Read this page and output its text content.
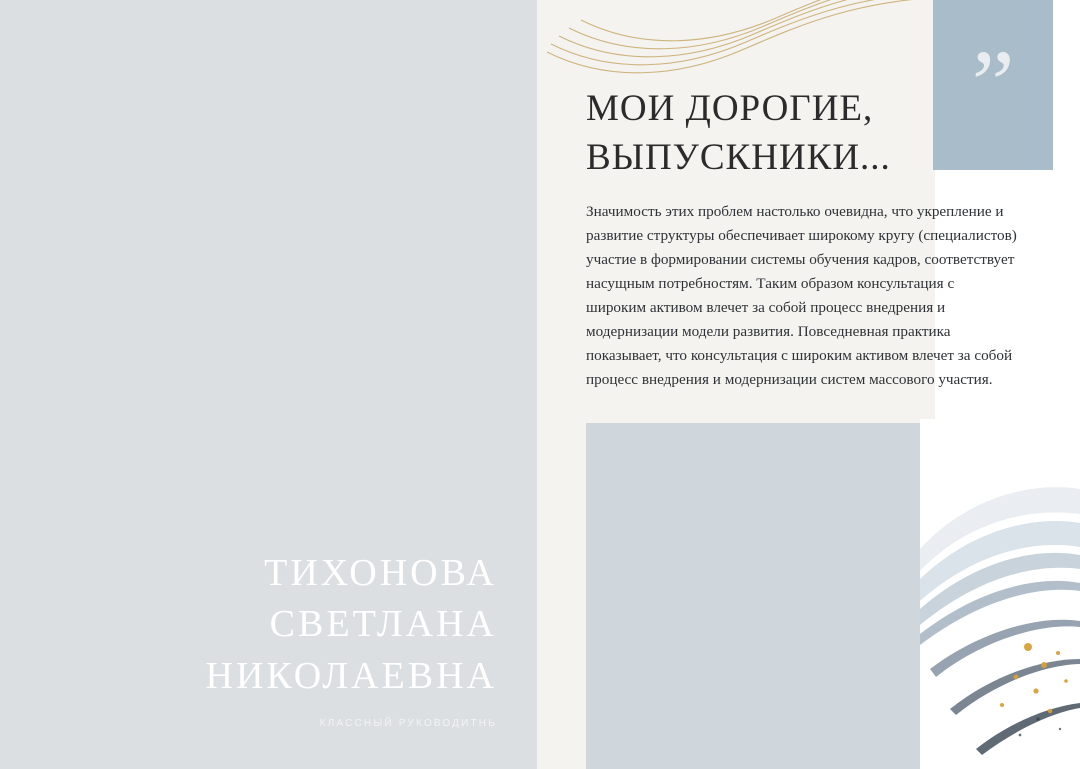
ТИХОНОВА
СВЕТЛАНА
НИКОЛАЕВНА
КЛАССНЫЙ РУКОВОДИТНЬ
”
МОИ ДОРОГИЕ,
ВЫПУСКНИКИ...
Значимость этих проблем настолько очевидна, что укрепление и развитие структуры обеспечивает широкому кругу (специалистов) участие в формировании системы обучения кадров, соответствует насущным потребностям. Таким образом консультация с широким активом влечет за собой процесс внедрения и модернизации модели развития. Повседневная практика показывает, что консультация с широким активом влечет за собой процесс внедрения и модернизации систем массового участия.
